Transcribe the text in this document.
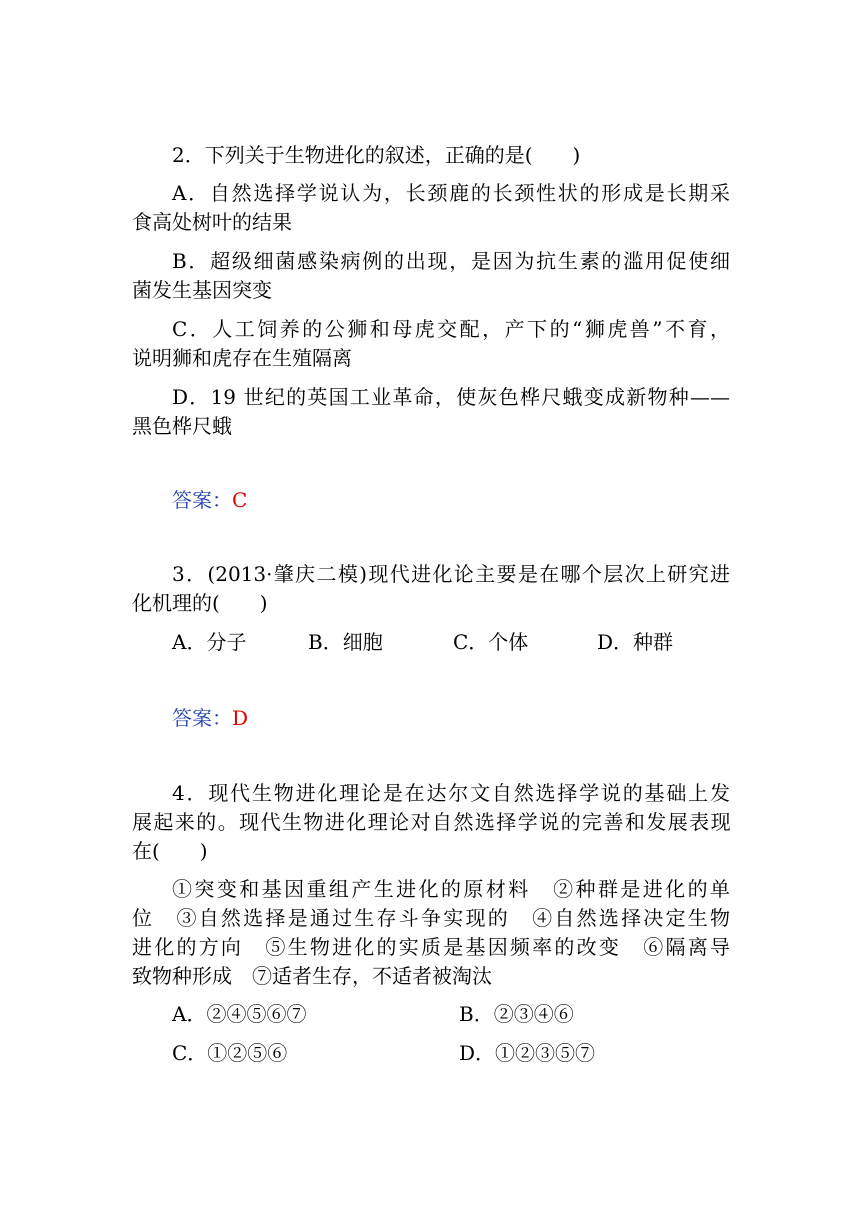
2．下列关于生物进化的叙述，正确的是(　　)
A．自然选择学说认为，长颈鹿的长颈性状的形成是长期采
食高处树叶的结果
B．超级细菌感染病例的出现，是因为抗生素的滥用促使细
菌发生基因突变
C．人工饲养的公狮和母虎交配，产下的“狮虎兽”不育，
说明狮和虎存在生殖隔离
D．19 世纪的英国工业革命，使灰色桦尺蛾变成新物种——
黑色桦尺蛾
答案：C
3．(2013·肇庆二模)现代进化论主要是在哪个层次上研究进
化机理的(　　)
A．分子	B．细胞	C．个体	D．种群
答案：D
4．现代生物进化理论是在达尔文自然选择学说的基础上发
展起来的。现代生物进化理论对自然选择学说的完善和发展表现
在(　　)
①突变和基因重组产生进化的原材料　②种群是进化的单
位　③自然选择是通过生存斗争实现的　④自然选择决定生物
进化的方向　⑤生物进化的实质是基因频率的改变　⑥隔离导
致物种形成　⑦适者生存，不适者被淘汰
A．②④⑤⑥⑦	B．②③④⑥
C．①②⑤⑥	D．①②③⑤⑦
